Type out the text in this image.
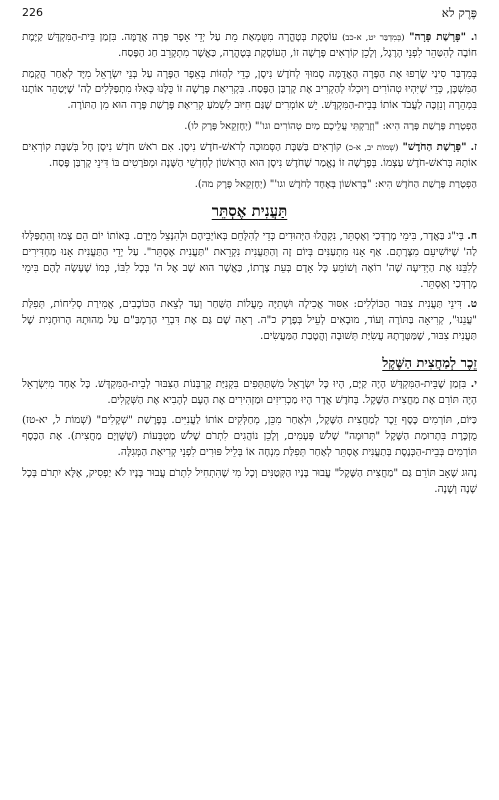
פֶּרֶק לא
226

ו. "פָּרָשַׁת פָּרָה" (בְּמִדְבַּר יט, א-כב) עוֹסֶקֶת בְּטָהֳרָה מִטֻּמְאַת מֵת עַל יְדֵי אֵפֶר פָּרָה אֲדֻמָּה. בִּזְמַן בֵּית-הַמִּקְדָּשׁ קַיֶּמֶת חוֹבָה לְהִטַּהֵר לִפְנֵי הָרֶגֶל, וְלָכֵן קוֹרְאִים פָּרָשָׁה זוֹ, הָעוֹסֶקֶת בְּטָהֳרָה, כַּאֲשֶׁר מִתְקָרֵב חַג הַפֶּסַח.

בְּמִדְבַּר סִינַי שָׂרְפוּ אֶת הַפָּרָה הָאֲדֻמָּה סָמוּךְ לְחֹדֶשׁ נִיסָן, כְּדֵי לְהַזּוֹת בְּאֵפֶר הַפָּרָה עַל בְּנֵי יִשְׂרָאֵל מִיָּד לְאַחַר הֲקָמַת הַמִּשְׁכָּן, כְּדֵי שֶׁיִּהְיוּ טְהוֹרִים וְיוּכְלוּ לְהַקְרִיב אֶת קָרְבַּן הַפֶּסַח. בִּקְרִיאַת פָּרָשָׁה זוֹ כֻּלָּנוּ כְּאִלּוּ מִתְפַּלְּלִים לַה' שֶׁיְּטַהֵר אוֹתָנוּ בִּמְהֵרָה וְנִזְכֶּה לַעֲבֹד אוֹתוֹ בְּבֵית-הַמִּקְדָּשׁ. יֵשׁ אוֹמְרִים שֶׁגַּם חִיּוּב לִשְׁמֹעַ קְרִיאַת פָּרָשַׁת פָּרָה הוּא מִן הַתּוֹרָה.

הַפְטָרַת פָּרָשַׁת פָּרָה הִיא: "וְזָרַקְתִּי עֲלֵיכֶם מַיִם טְהוֹרִים וגו'" (יְחֶזְקֵאל פֶּרֶק לו).

ז. "פָּרָשַׁת הַחֹדֶשׁ" (שְׁמוֹת יב, א-כ) קוֹרְאִים בַּשַּׁבָּת הַסְּמוּכָה לְרֹאשׁ-חֹדֶשׁ נִיסָן. אִם רֹאשׁ חֹדֶשׁ נִיסָן חָל בְּשַׁבָּת קוֹרְאִים אוֹתָהּ בְּרֹאשׁ-חֹדֶשׁ עַצְמוֹ. בְּפָרָשָׁה זוֹ נֶאֱמַר שֶׁחֹדֶשׁ נִיסָן הוּא הָרִאשׁוֹן לְחָדְשֵׁי הַשָּׁנָה וּמְפֹרָטִים בּוֹ דִּינֵי קָרְבַּן פֶּסַח.

הַפְטָרַת פָּרָשַׁת הַחֹדֶשׁ הִיא: "בָּרִאשׁוֹן בְּאֶחָד לַחֹדֶשׁ וגו'" (יְחֶזְקֵאל פֶּרֶק מה).

תַּעֲנִית אֶסְתֵּר

ח. בְּי"ג בַּאֲדָר, בִּימֵי מָרְדְּכַי וְאֶסְתֵּר, נִקְהֲלוּ הַיְּהוּדִים כְּדֵי לְהִלָּחֵם בְּאוֹיְבֵיהֶם וּלְהִנָּצֵל מִיָּדָם. בְּאוֹתוֹ יוֹם הֵם צָמוּ וְהִתְפַּלְּלוּ לַה' שֶׁיּוֹשִׁיעֵם מִצָּרָתָם. אַף אָנוּ מִתְעַנִּים בְּיוֹם זֶה וְהַתַּעֲנִית נִקְרֵאת "תַּעֲנִית אֶסְתֵּר". עַל יְדֵי הַתַּעֲנִית אָנוּ מַחְדִּירִים לְלִבֵּנוּ אֶת הַיְּדִיעָה שֶׁה' רוֹאֶה וְשׁוֹמֵעַ כָּל אָדָם בְּעֵת צָרָתוֹ, כַּאֲשֶׁר הוּא שָׁב אֶל ה' בְּכָל לִבּוֹ, כְּמוֹ שֶׁעָשָׂה לָהֶם בִּימֵי מָרְדְּכַי וְאֶסְתֵּר.

ט. דִּינֵי תַּעֲנִית צִבּוּר הַכּוֹלְלִים: אִסּוּר אֲכִילָה וּשְׁתִיָּה מֵעֲלוֹת הַשַּׁחַר וְעַד לְצֵאת הַכּוֹכָבִים, אֲמִירַת סְלִיחוֹת, תְּפִלַּת "עֲנֵנוּ", קְרִיאָה בַּתּוֹרָה וְעוֹד, מוּבָאִים לְעֵיל בְּפֶרֶק כ"ה. רְאֵה שָׁם גַּם אֶת דִּבְרֵי הָרַמְבַּ"ם עַל מַהוּתָהּ הָרוּחָנִית שֶׁל תַּעֲנִית צִבּוּר, שֶׁמַּטְּרָתָהּ עֲשִׂיַּת תְּשׁוּבָה וְהֲטָבַת הַמַּעֲשִׂים.

זֵכֶר לְמַחֲצִית הַשֶּׁקֶל

י. בִּזְמַן שֶׁבֵּית-הַמִּקְדָּשׁ הָיָה קַיָּם, הָיוּ כָּל יִשְׂרָאֵל מִשְׁתַּתְּפִים בִּקְנִיַּת קָרְבְּנוֹת הַצִּבּוּר לְבֵית-הַמִּקְדָּשׁ. כָּל אֶחָד מִיִּשְׂרָאֵל הָיָה תּוֹרֵם אֶת מַחֲצִית הַשֶּׁקֶל. בְּחֹדֶשׁ אֲדָר הָיוּ מַכְרִיזִים וּמַזְהִירִים אֶת הָעָם לְהָבִיא אֶת הַשְּׁקָלִים.

כַּיּוֹם, תּוֹרְמִים כֶּסֶף זֵכֶר לְמַחֲצִית הַשֶּׁקֶל, וּלְאַחַר מִכֵּן, מְחַלְּקִים אוֹתוֹ לַעֲנִיִּים. בְּפָרָשַׁת "שְׁקָלִים" (שְׁמוֹת ל, יא-טז) מֻזְכֶּרֶת בִּתְרוּמַת הַשֶּׁקֶל "תְּרוּמָה" שָׁלֹשׁ פְּעָמִים, וְלָכֵן נוֹהֲגִים לִתְרֹם שָׁלֹשׁ מַטְבְּעוֹת (שֶׁשָּׁוְיָם מַחֲצִית). אֶת הַכֶּסֶף תּוֹרְמִים בְּבֵית-הַכְּנֶסֶת בְּתַעֲנִית אֶסְתֵּר לְאַחַר תְּפִלַּת מִנְחָה אוֹ בְּלֵיל פּוּרִים לִפְנֵי קְרִיאַת הַמְּגִלָּה.

נָהוּג שֶׁאָב תּוֹרֵם גַּם "מַחֲצִית הַשֶּׁקֶל" עֲבוּר בָּנָיו הַקְּטַנִּים וְכָל מִי שֶׁהִתְחִיל לִתְרֹם עֲבוּר בָּנָיו לֹא יַפְסִיק, אֶלָּא יִתְרֹם בְּכָל שָׁנָה וְשָׁנָה.
